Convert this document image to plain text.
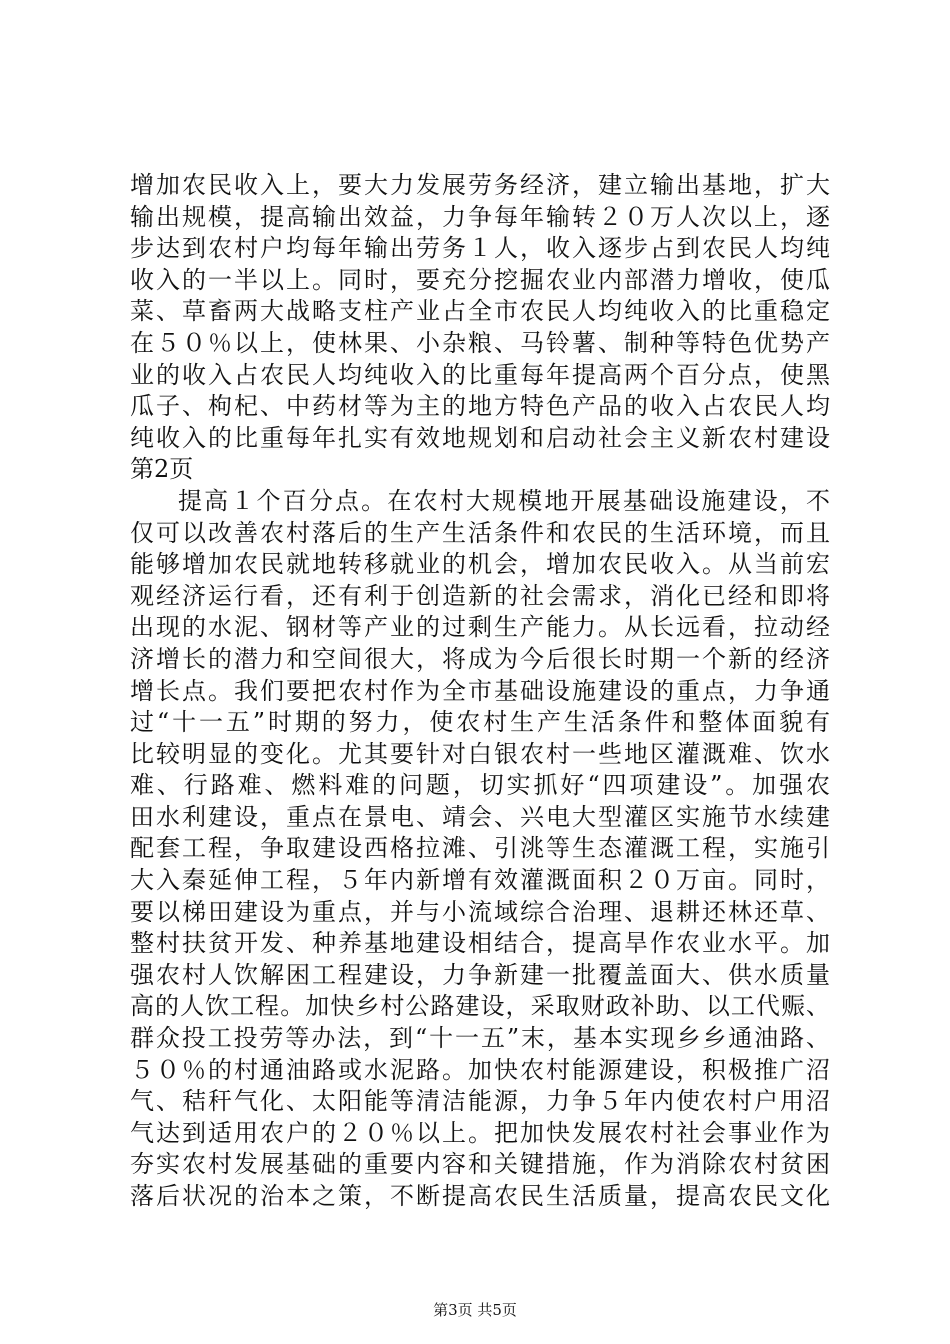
增加农民收入上，要大力发展劳务经济，建立输出基地，扩大
输出规模，提高输出效益，力争每年输转２０万人次以上，逐
步达到农村户均每年输出劳务１人，收入逐步占到农民人均纯
收入的一半以上。同时，要充分挖掘农业内部潜力增收，使瓜
菜、草畜两大战略支柱产业占全市农民人均纯收入的比重稳定
在５０％以上，使林果、小杂粮、马铃薯、制种等特色优势产
业的收入占农民人均纯收入的比重每年提高两个百分点，使黑
瓜子、枸杞、中药材等为主的地方特色产品的收入占农民人均
纯收入的比重每年扎实有效地规划和启动社会主义新农村建设
第2页
提高１个百分点。在农村大规模地开展基础设施建设，不
仅可以改善农村落后的生产生活条件和农民的生活环境，而且
能够增加农民就地转移就业的机会，增加农民收入。从当前宏
观经济运行看，还有利于创造新的社会需求，消化已经和即将
出现的水泥、钢材等产业的过剩生产能力。从长远看，拉动经
济增长的潜力和空间很大，将成为今后很长时期一个新的经济
增长点。我们要把农村作为全市基础设施建设的重点，力争通
过“十一五”时期的努力，使农村生产生活条件和整体面貌有
比较明显的变化。尤其要针对白银农村一些地区灌溉难、饮水
难、行路难、燃料难的问题，切实抓好“四项建设”。加强农
田水利建设，重点在景电、靖会、兴电大型灌区实施节水续建
配套工程，争取建设西格拉滩、引洮等生态灌溉工程，实施引
大入秦延伸工程，５年内新增有效灌溉面积２０万亩。同时，
要以梯田建设为重点，并与小流域综合治理、退耕还林还草、
整村扶贫开发、种养基地建设相结合，提高旱作农业水平。加
强农村人饮解困工程建设，力争新建一批覆盖面大、供水质量
高的人饮工程。加快乡村公路建设，采取财政补助、以工代赈、
群众投工投劳等办法，到“十一五”末，基本实现乡乡通油路、
５０％的村通油路或水泥路。加快农村能源建设，积极推广沼
气、秸秆气化、太阳能等清洁能源，力争５年内使农村户用沼
气达到适用农户的２０％以上。把加快发展农村社会事业作为
夯实农村发展基础的重要内容和关键措施，作为消除农村贫困
落后状况的治本之策，不断提高农民生活质量，提高农民文化
第3页 共5页
